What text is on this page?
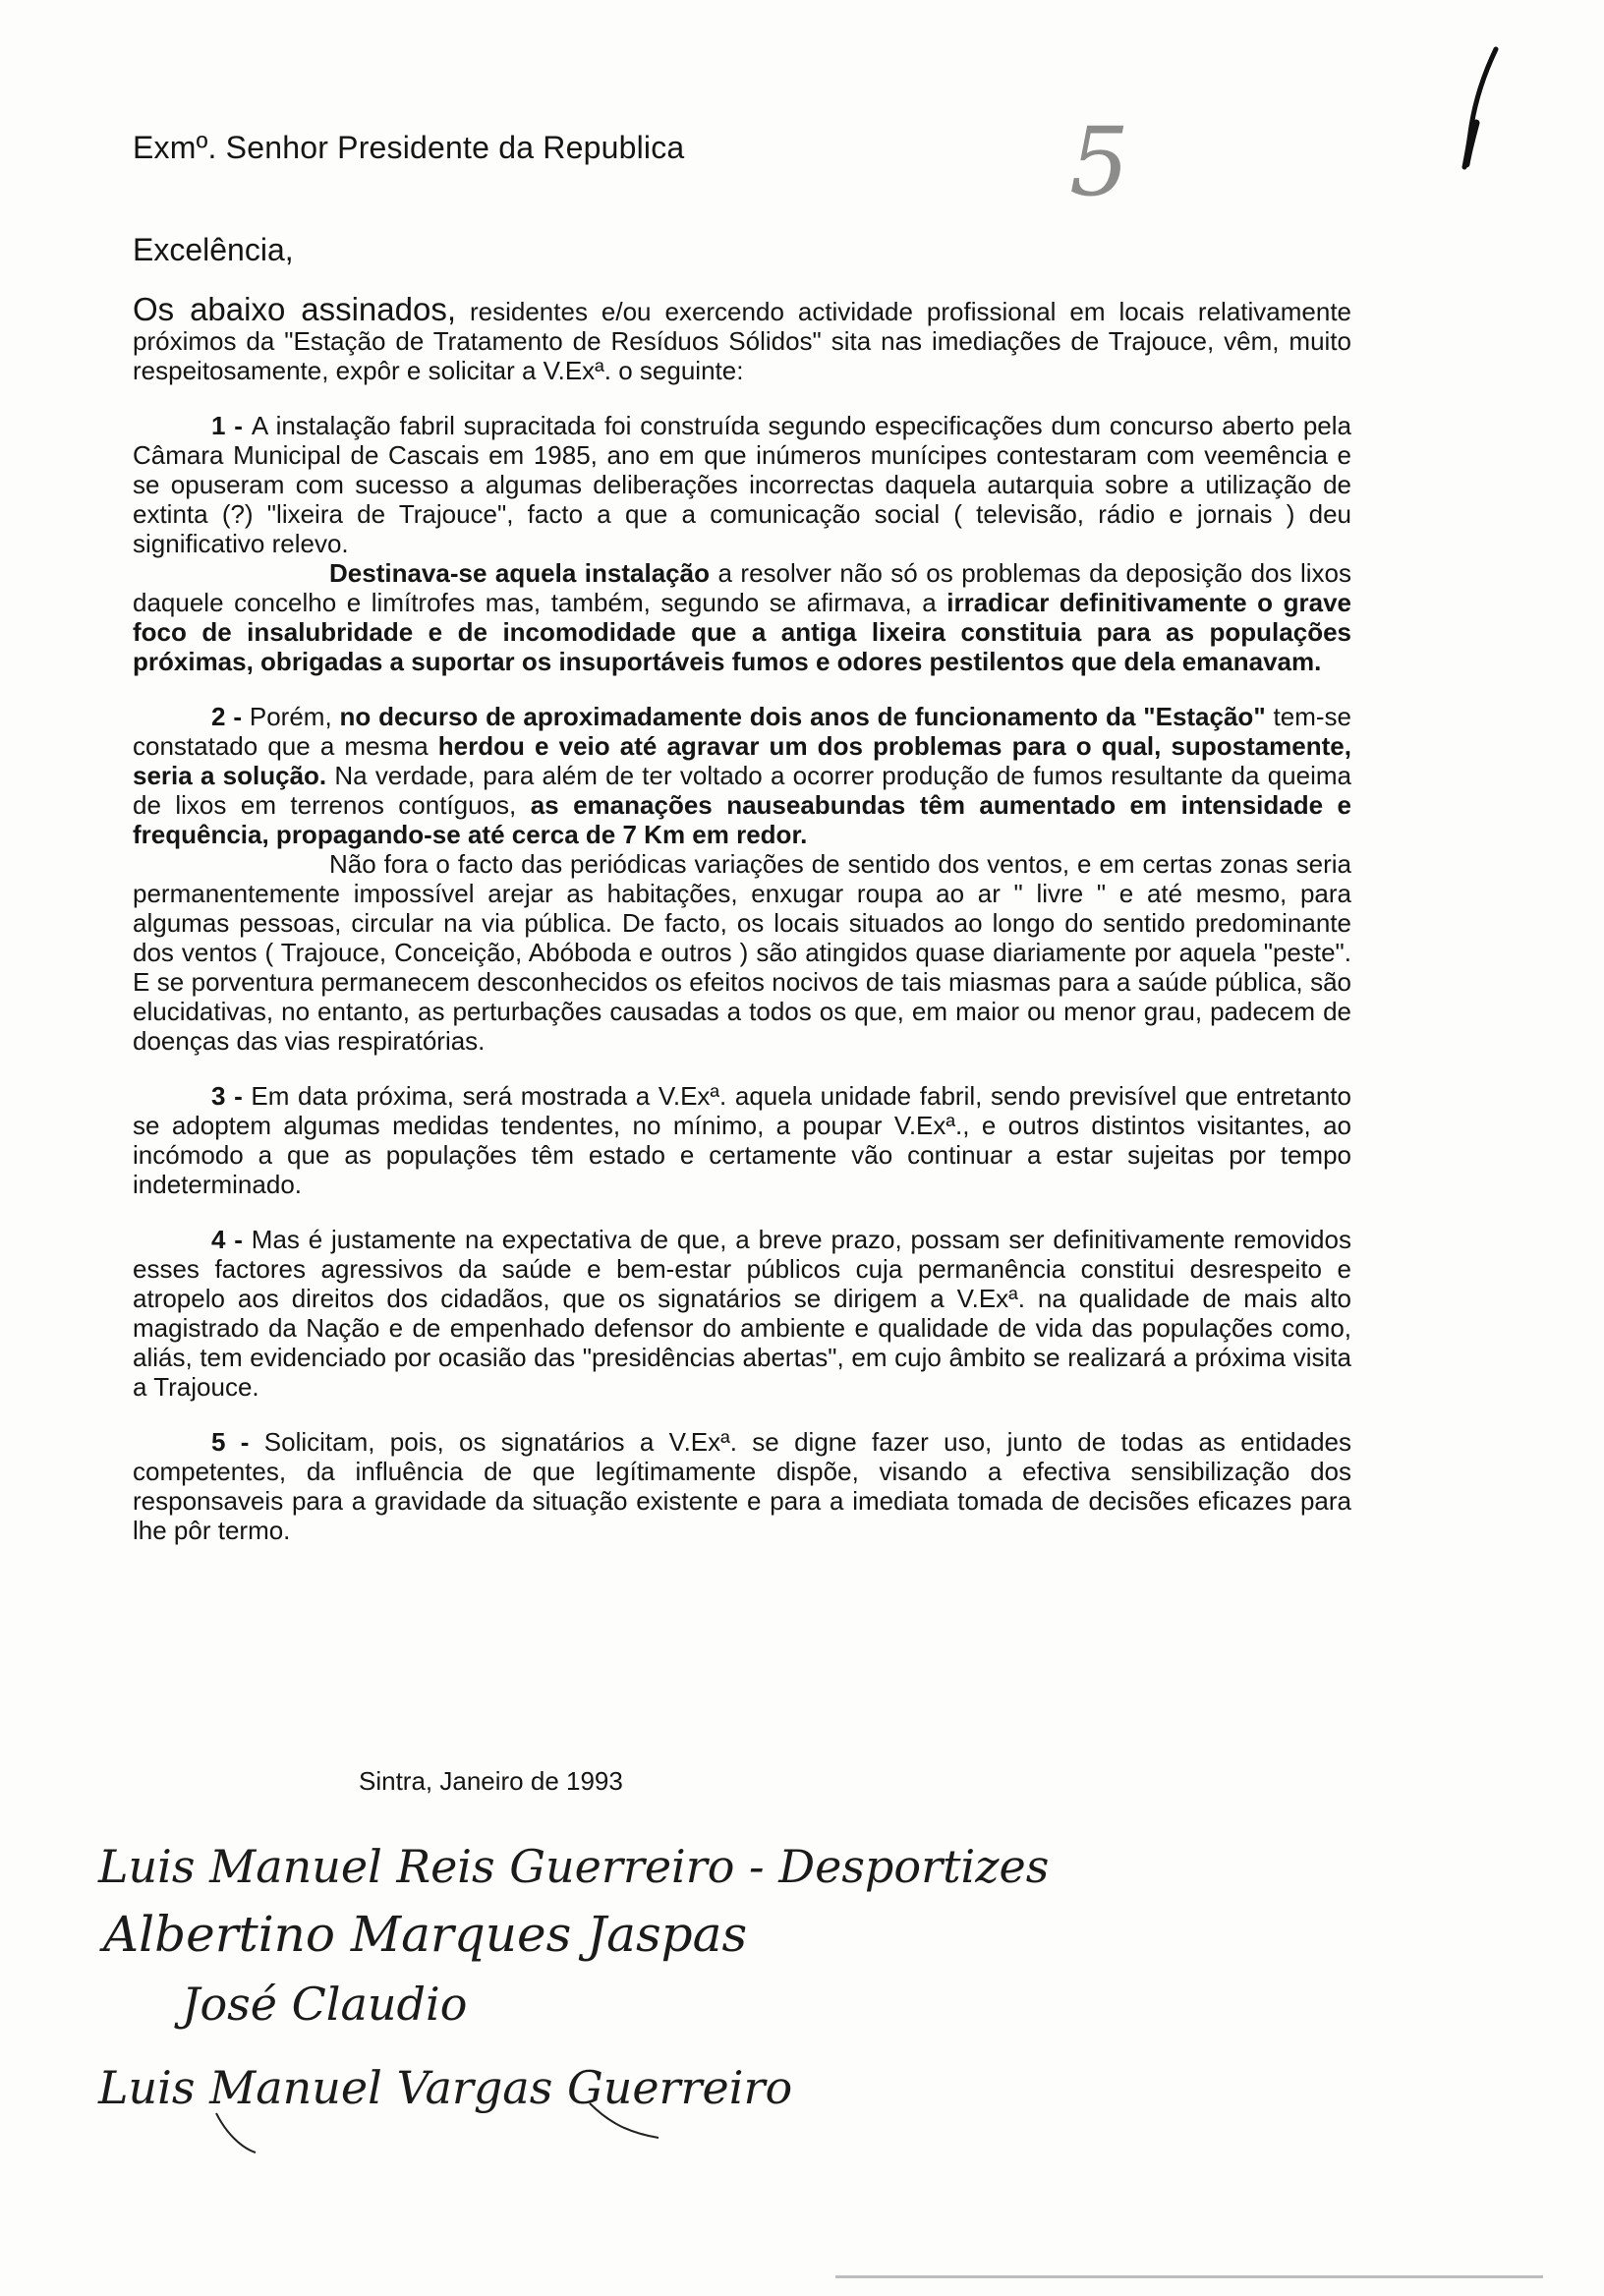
5
Exmº. Senhor Presidente da Republica
Excelência,

Os abaixo assinados, residentes e/ou exercendo actividade profissional em locais relativamente próximos da "Estação de Tratamento de Resíduos Sólidos" sita nas imediações de Trajouce, vêm, muito respeitosamente, expôr e solicitar a V.Exª. o seguinte:

1 - A instalação fabril supracitada foi construída segundo especificações dum concurso aberto pela Câmara Municipal de Cascais em 1985, ano em que inúmeros munícipes contestaram com veemência e se opuseram com sucesso a algumas deliberações incorrectas daquela autarquia sobre a utilização de extinta (?) "lixeira de Trajouce", facto a que a comunicação social ( televisão, rádio e jornais ) deu significativo relevo.

Destinava-se aquela instalação a resolver não só os problemas da deposição dos lixos daquele concelho e limítrofes mas, também, segundo se afirmava, a irradicar definitivamente o grave foco de insalubridade e de incomodidade que a antiga lixeira constituia para as populações próximas, obrigadas a suportar os insuportáveis fumos e odores pestilentos que dela emanavam.

2 - Porém, no decurso de aproximadamente dois anos de funcionamento da "Estação" tem-se constatado que a mesma herdou e veio até agravar um dos problemas para o qual, supostamente, seria a solução. Na verdade, para além de ter voltado a ocorrer produção de fumos resultante da queima de lixos em terrenos contíguos, as emanações nauseabundas têm aumentado em intensidade e frequência, propagando-se até cerca de 7 Km em redor.

Não fora o facto das periódicas variações de sentido dos ventos, e em certas zonas seria permanentemente impossível arejar as habitações, enxugar roupa ao ar " livre " e até mesmo, para algumas pessoas, circular na via pública. De facto, os locais situados ao longo do sentido predominante dos ventos ( Trajouce, Conceição, Abóboda e outros ) são atingidos quase diariamente por aquela "peste". E se porventura permanecem desconhecidos os efeitos nocivos de tais miasmas para a saúde pública, são elucidativas, no entanto, as perturbações causadas a todos os que, em maior ou menor grau, padecem de doenças das vias respiratórias.

3 - Em data próxima, será mostrada a V.Exª. aquela unidade fabril, sendo previsível que entretanto se adoptem algumas medidas tendentes, no mínimo, a poupar V.Exª., e outros distintos visitantes, ao incómodo a que as populações têm estado e certamente vão continuar a estar sujeitas por tempo indeterminado.

4 - Mas é justamente na expectativa de que, a breve prazo, possam ser definitivamente removidos esses factores agressivos da saúde e bem-estar públicos cuja permanência constitui desrespeito e atropelo aos direitos dos cidadãos, que os signatários se dirigem a V.Exª. na qualidade de mais alto magistrado da Nação e de empenhado defensor do ambiente e qualidade de vida das populações como, aliás, tem evidenciado por ocasião das "presidências abertas", em cujo âmbito se realizará a próxima visita a Trajouce.

5 - Solicitam, pois, os signatários a V.Exª. se digne fazer uso, junto de todas as entidades competentes, da influência de que legítimamente dispõe, visando a efectiva sensibilização dos responsaveis para a gravidade da situação existente e para a imediata tomada de decisões eficazes para lhe pôr termo.

Sintra, Janeiro de 1993
Luis Manuel Reis Guerreiro - Desportizes
Albertino Marques Jaspas
José Claudio
Luis Manuel Vargas Guerreiro
